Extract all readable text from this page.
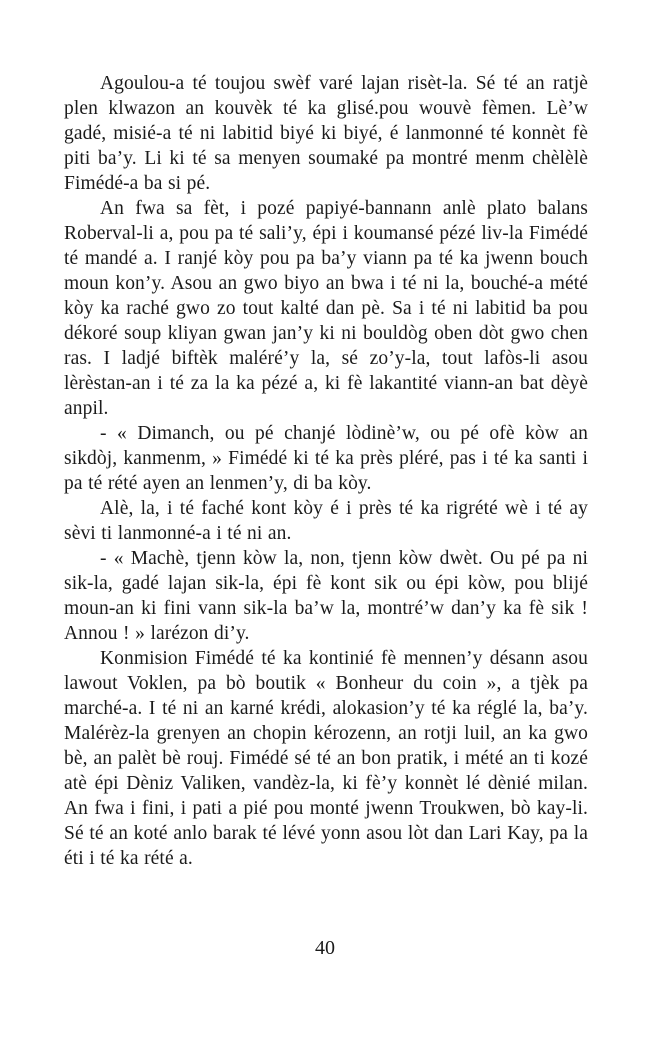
Agoulou-a té toujou swèf varé lajan risèt-la. Sé té an ratjè plen klwazon an kouvèk té ka glisé.pou wouvè fèmen. Lè’w gadé, misié-a té ni labitid biyé ki biyé, é lanmonné té konnèt fè piti ba’y. Li ki té sa menyen soumaké pa montré menm chèlèlè Fimédé-a ba si pé.

An fwa sa fèt, i pozé papiyé-bannann anlè plato balans Roberval-li a, pou pa té sali’y, épi i koumansé pézé liv-la Fimédé té mandé a. I ranjé kòy pou pa ba’y viann pa té ka jwenn bouch moun kon’y. Asou an gwo biyo an bwa i té ni la, bouché-a mété kòy ka raché gwo zo tout kalté dan pè. Sa i té ni labitid ba pou dékoré soup kliyan gwan jan’y ki ni bouldòg oben dòt gwo chen ras. I ladjé biftèk maléré’y la, sé zo’y-la, tout lafòs-li asou lèrèstan-an i té za la ka pézé a, ki fè lakantité viann-an bat dèyè anpil.

- « Dimanch, ou pé chanjé lòdinè’w, ou pé ofè kòw an sikdòj, kanmenm, » Fimédé ki té ka près pléré, pas i té ka santi i pa té rété ayen an lenmen’y, di ba kòy.

Alè, la, i té faché kont kòy é i près té ka rigrété wè i té ay sèvi ti lanmonné-a i té ni an.

- « Machè, tjenn kòw la, non, tjenn kòw dwèt. Ou pé pa ni sik-la, gadé lajan sik-la, épi fè kont sik ou épi kòw, pou blijé moun-an ki fini vann sik-la ba’w la, montré’w dan’y ka fè sik ! Annou ! » larézon di’y.

Konmision Fimédé té ka kontinié fè mennen’y désann asou lawout Voklen, pa bò boutik « Bonheur du coin », a tjèk pa marché-a. I té ni an karné krédi, alokasion’y té ka réglé la, ba’y. Malérèz-la grenyen an chopin kérozenn, an rotji luil, an ka gwo bè, an palèt bè rouj. Fimédé sé té an bon pratik, i mété an ti kozé atè épi Dèniz Valiken, vandèz-la, ki fè’y konnèt lé dènié milan. An fwa i fini, i pati a pié pou monté jwenn Troukwen, bò kay-li. Sé té an koté anlo barak té lévé yonn asou lòt dan Lari Kay, pa la éti i té ka rété a.

40
